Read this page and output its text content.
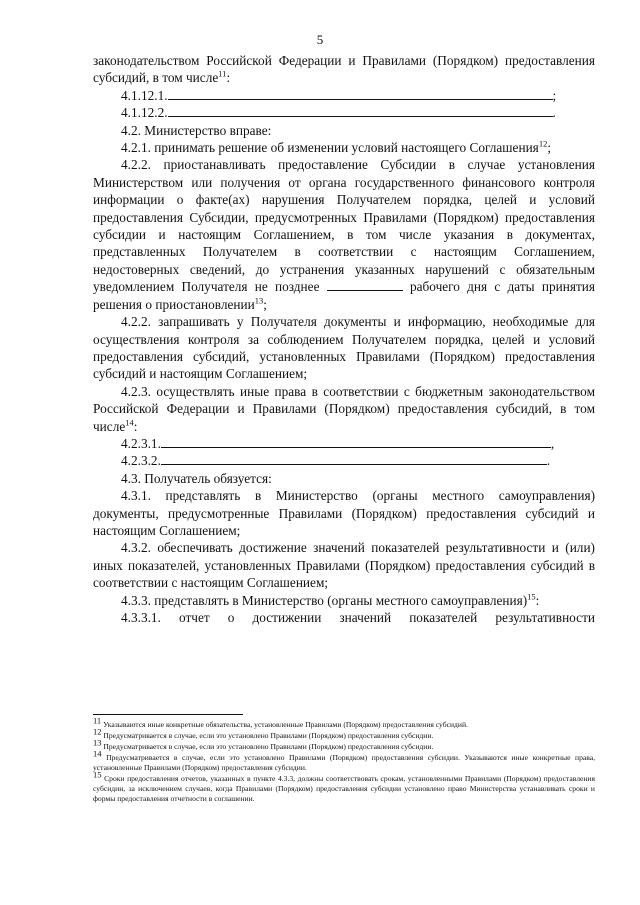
5

законодательством Российской Федерации и Правилами (Порядком) предоставления субсидий, в том числе$^{11}$:

4.1.12.1.	;

4.1.12.2.	.

4.2. Министерство вправе:

4.2.1. принимать решение об изменении условий настоящего Соглашения$^{12}$;

4.2.2. приостанавливать предоставление Субсидии в случае установления Министерством или получения от органа государственного финансового контроля информации о факте(ах) нарушения Получателем порядка, целей и условий предоставления Субсидии, предусмотренных Правилами (Порядком) предоставления субсидии и настоящим Соглашением, в том числе указания в документах, представленных Получателем в соответствии с настоящим Соглашением, недостоверных сведений, до устранения указанных нарушений с обязательным уведомлением Получателя не позднее	рабочего дня с даты принятия решения о приостановлении$^{13}$;

4.2.2. запрашивать у Получателя документы и информацию, необходимые для осуществления контроля за соблюдением Получателем порядка, целей и условий предоставления субсидий, установленных Правилами (Порядком) предоставления субсидий и настоящим Соглашением;

4.2.3. осуществлять иные права в соответствии с бюджетным законодательством Российской Федерации и Правилами (Порядком) предоставления субсидий, в том числе$^{14}$:

4.2.3.1.	,

4.2.3.2.	.

4.3. Получатель обязуется:

4.3.1. представлять в Министерство (органы местного самоуправления) документы, предусмотренные Правилами (Порядком) предоставления субсидий и настоящим Соглашением;

4.3.2. обеспечивать достижение значений показателей результативности и (или) иных показателей, установленных Правилами (Порядком) предоставления субсидий в соответствии с настоящим Соглашением;

4.3.3. представлять в Министерство (органы местного самоуправления)$^{15}$:

4.3.3.1. отчет о достижении значений показателей результативности

$^{11}$ Указываются иные конкретные обязательства, установленные Правилами (Порядком) предоставления субсидий.

$^{12}$ Предусматривается в случае, если это установлено Правилами (Порядком) предоставления субсидии.

$^{13}$ Предусматривается в случае, если это установлено Правилами (Порядком) предоставления субсидии.

$^{14}$ Предусматривается в случае, если это установлено Правилами (Порядком) предоставления субсидии. Указываются иные конкретные права, установленные Правилами (Порядком) предоставления субсидии.

$^{15}$ Сроки предоставления отчетов, указанных в пункте 4.3.3, должны соответствовать срокам, установленными Правилами (Порядком) предоставления субсидии, за исключением случаев, когда Правилами (Порядком) предоставления субсидии установлено право Министерства устанавливать сроки и формы предоставления отчетности в соглашении.
